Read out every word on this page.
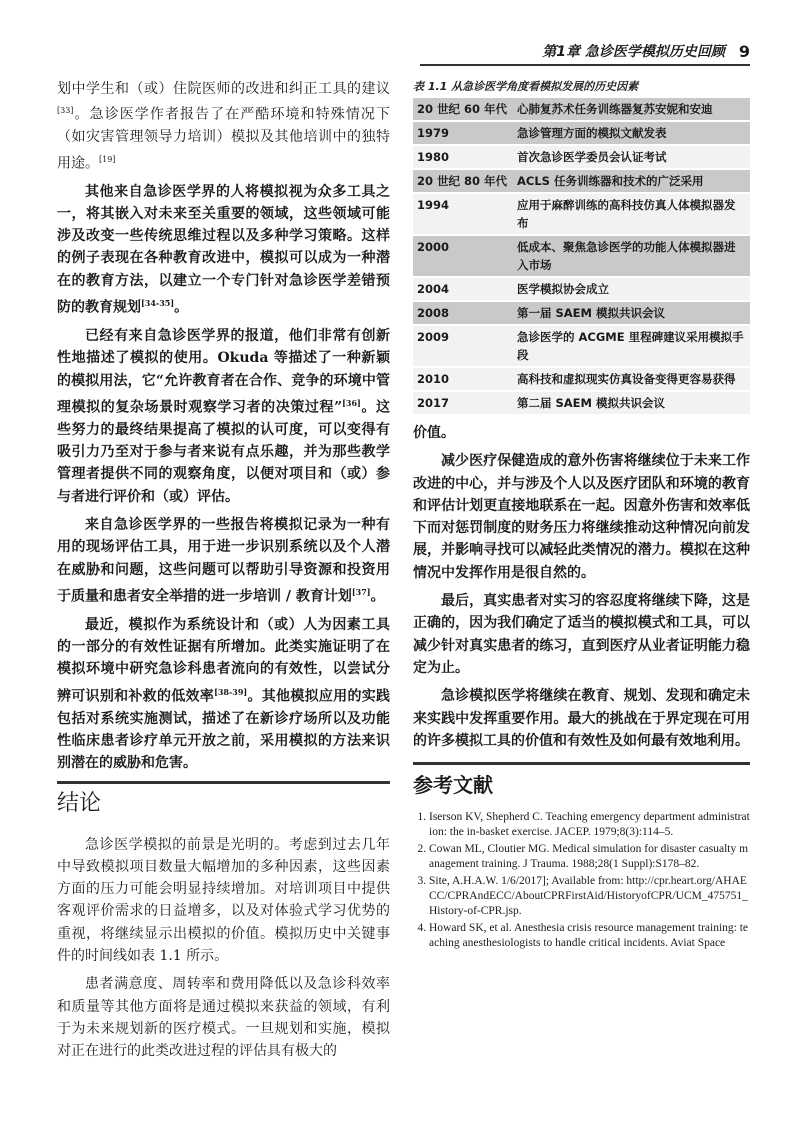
第1章 急诊医学模拟历史回顾 9

划中学生和（或）住院医师的改进和纠正工具的建议[33]。急诊医学作者报告了在严酷环境和特殊情况下（如灾害管理领导力培训）模拟及其他培训中的独特用途。[19]

其他来自急诊医学界的人将模拟视为众多工具之一，将其嵌入对未来至关重要的领域，这些领域可能涉及改变一些传统思维过程以及多种学习策略。这样的例子表现在各种教育改进中，模拟可以成为一种潜在的教育方法，以建立一个专门针对急诊医学差错预防的教育规划[34-35]。

已经有来自急诊医学界的报道，他们非常有创新性地描述了模拟的使用。Okuda 等描述了一种新颖的模拟用法，它“允许教育者在合作、竞争的环境中管理模拟的复杂场景时观察学习者的决策过程”[36]。这些努力的最终结果提高了模拟的认可度，可以变得有吸引力乃至对于参与者来说有点乐趣，并为那些教学管理者提供不同的观察角度，以便对项目和（或）参与者进行评价和（或）评估。

来自急诊医学界的一些报告将模拟记录为一种有用的现场评估工具，用于进一步识别系统以及个人潜在威胁和问题，这些问题可以帮助引导资源和投资用于质量和患者安全举措的进一步培训 / 教育计划[37]。

最近，模拟作为系统设计和（或）人为因素工具的一部分的有效性证据有所增加。此类实施证明了在模拟环境中研究急诊科患者流向的有效性，以尝试分辨可识别和补救的低效率[38-39]。其他模拟应用的实践包括对系统实施测试，描述了在新诊疗场所以及功能性临床患者诊疗单元开放之前，采用模拟的方法来识别潜在的威胁和危害。

结论

急诊医学模拟的前景是光明的。考虑到过去几年中导致模拟项目数量大幅增加的多种因素，这些因素方面的压力可能会明显持续增加。对培训项目中提供客观评价需求的日益增多，以及对体验式学习优势的重视，将继续显示出模拟的价值。模拟历史中关键事件的时间线如表 1.1 所示。

患者满意度、周转率和费用降低以及急诊科效率和质量等其他方面将是通过模拟来获益的领域，有利于为未来规划新的医疗模式。一旦规划和实施，模拟对正在进行的此类改进过程的评估具有极大的

表 1.1 从急诊医学角度看模拟发展的历史因素
20 世纪 60 年代	心肺复苏术任务训练器复苏安妮和安迪
1979	急诊管理方面的模拟文献发表
1980	首次急诊医学委员会认证考试
20 世纪 80 年代	ACLS 任务训练器和技术的广泛采用
1994	应用于麻醉训练的高科技仿真人体模拟器发布
2000	低成本、聚焦急诊医学的功能人体模拟器进入市场
2004	医学模拟协会成立
2008	第一届 SAEM 模拟共识会议
2009	急诊医学的 ACGME 里程碑建议采用模拟手段
2010	高科技和虚拟现实仿真设备变得更容易获得
2017	第二届 SAEM 模拟共识会议

价值。

减少医疗保健造成的意外伤害将继续位于未来工作改进的中心，并与涉及个人以及医疗团队和环境的教育和评估计划更直接地联系在一起。因意外伤害和效率低下而对惩罚制度的财务压力将继续推动这种情况向前发展，并影响寻找可以减轻此类情况的潜力。模拟在这种情况中发挥作用是很自然的。

最后，真实患者对实习的容忍度将继续下降，这是正确的，因为我们确定了适当的模拟模式和工具，可以减少针对真实患者的练习，直到医疗从业者证明能力稳定为止。

急诊模拟医学将继续在教育、规划、发现和确定未来实践中发挥重要作用。最大的挑战在于界定现在可用的许多模拟工具的价值和有效性及如何最有效地利用。

参考文献
1. Iserson KV, Shepherd C. Teaching emergency department administration: the in-basket exercise. JACEP. 1979;8(3):114–5.
2. Cowan ML, Cloutier MG. Medical simulation for disaster casualty management training. J Trauma. 1988;28(1 Suppl):S178–82.
3. Site, A.H.A.W. 1/6/2017]; Available from: http://cpr.heart.org/AHAECC/CPRAndECC/AboutCPRFirstAid/HistoryofCPR/UCM_475751_History-of-CPR.jsp.
4. Howard SK, et al. Anesthesia crisis resource management training: teaching anesthesiologists to handle critical incidents. Aviat Space
